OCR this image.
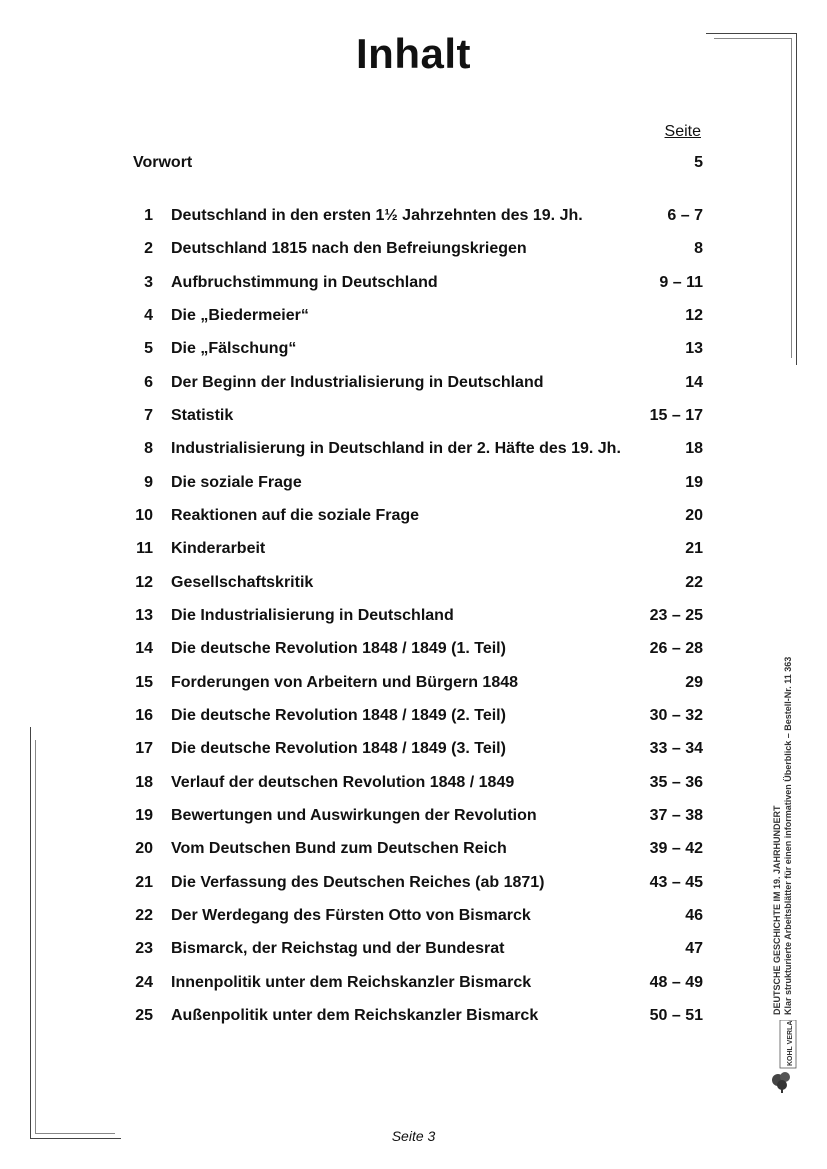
Inhalt
Seite
Vorwort	5
1 Deutschland in den ersten 1½ Jahrzehnten des 19. Jh.	6 – 7
2 Deutschland 1815 nach den Befreiungskriegen	8
3 Aufbruchstimmung in Deutschland	9 – 11
4 Die „Biedermeier“	12
5 Die „Fälschung“	13
6 Der Beginn der Industrialisierung in Deutschland	14
7 Statistik	15 – 17
8 Industrialisierung in Deutschland in der 2. Häfte des 19. Jh.	18
9 Die soziale Frage	19
10 Reaktionen auf die soziale Frage	20
11 Kinderarbeit	21
12 Gesellschaftskritik	22
13 Die Industrialisierung in Deutschland	23 – 25
14 Die deutsche Revolution 1848 / 1849 (1. Teil)	26 – 28
15 Forderungen von Arbeitern und Bürgern 1848	29
16 Die deutsche Revolution 1848 / 1849 (2. Teil)	30 – 32
17 Die deutsche Revolution 1848 / 1849 (3. Teil)	33 – 34
18 Verlauf der deutschen Revolution 1848 / 1849	35 – 36
19 Bewertungen und Auswirkungen der Revolution	37 – 38
20 Vom Deutschen Bund zum Deutschen Reich	39 – 42
21 Die Verfassung des Deutschen Reiches (ab 1871)	43 – 45
22 Der Werdegang des Fürsten Otto von Bismarck	46
23 Bismarck, der Reichstag und der Bundesrat	47
24 Innenpolitik unter dem Reichskanzler Bismarck	48 – 49
25 Außenpolitik unter dem Reichskanzler Bismarck	50 – 51
DEUTSCHE GESCHICHTE IM 19. JAHRHUNDERT Klar strukturierte Arbeitsblätter für einen informativen Überblick – Bestell-Nr. 11 363
KOHL VERLAG
Seite 3
